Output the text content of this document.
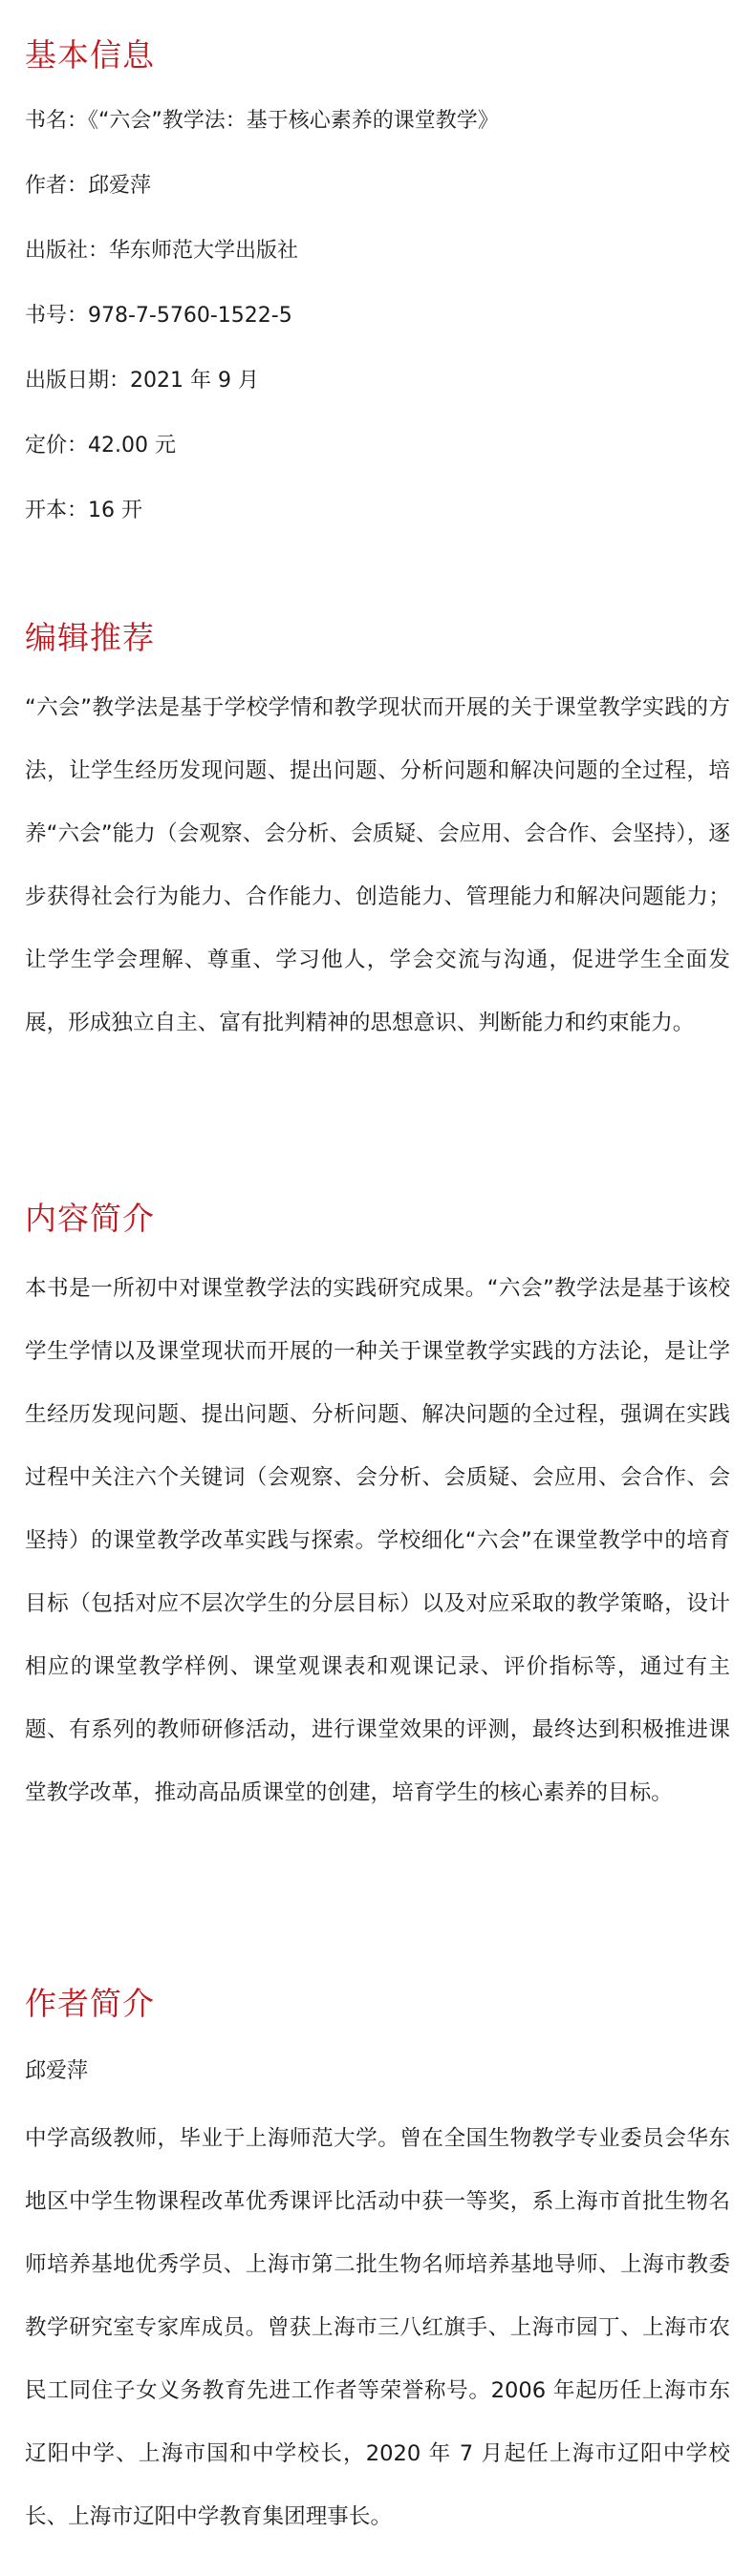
基本信息

书名：《“六会”教学法：基于核心素养的课堂教学》

作者：邱爱萍

出版社：华东师范大学出版社

书号：978-7-5760-1522-5

出版日期：2021 年 9 月

定价：42.00 元

开本：16 开

编辑推荐

“六会”教学法是基于学校学情和教学现状而开展的关于课堂教学实践的方法，让学生经历发现问题、提出问题、分析问题和解决问题的全过程，培养“六会”能力（会观察、会分析、会质疑、会应用、会合作、会坚持），逐步获得社会行为能力、合作能力、创造能力、管理能力和解决问题能力；让学生学会理解、尊重、学习他人，学会交流与沟通，促进学生全面发展，形成独立自主、富有批判精神的思想意识、判断能力和约束能力。

内容简介

本书是一所初中对课堂教学法的实践研究成果。“六会”教学法是基于该校学生学情以及课堂现状而开展的一种关于课堂教学实践的方法论，是让学生经历发现问题、提出问题、分析问题、解决问题的全过程，强调在实践过程中关注六个关键词（会观察、会分析、会质疑、会应用、会合作、会坚持）的课堂教学改革实践与探索。学校细化“六会”在课堂教学中的培育目标（包括对应不层次学生的分层目标）以及对应采取的教学策略，设计相应的课堂教学样例、课堂观课表和观课记录、评价指标等，通过有主题、有系列的教师研修活动，进行课堂效果的评测，最终达到积极推进课堂教学改革，推动高品质课堂的创建，培育学生的核心素养的目标。

作者简介

邱爱萍

中学高级教师，毕业于上海师范大学。曾在全国生物教学专业委员会华东地区中学生物课程改革优秀课评比活动中获一等奖，系上海市首批生物名师培养基地优秀学员、上海市第二批生物名师培养基地导师、上海市教委教学研究室专家库成员。曾获上海市三八红旗手、上海市园丁、上海市农民工同住子女义务教育先进工作者等荣誉称号。2006 年起历任上海市东辽阳中学、上海市国和中学校长，2020 年 7 月起任上海市辽阳中学校长、上海市辽阳中学教育集团理事长。
